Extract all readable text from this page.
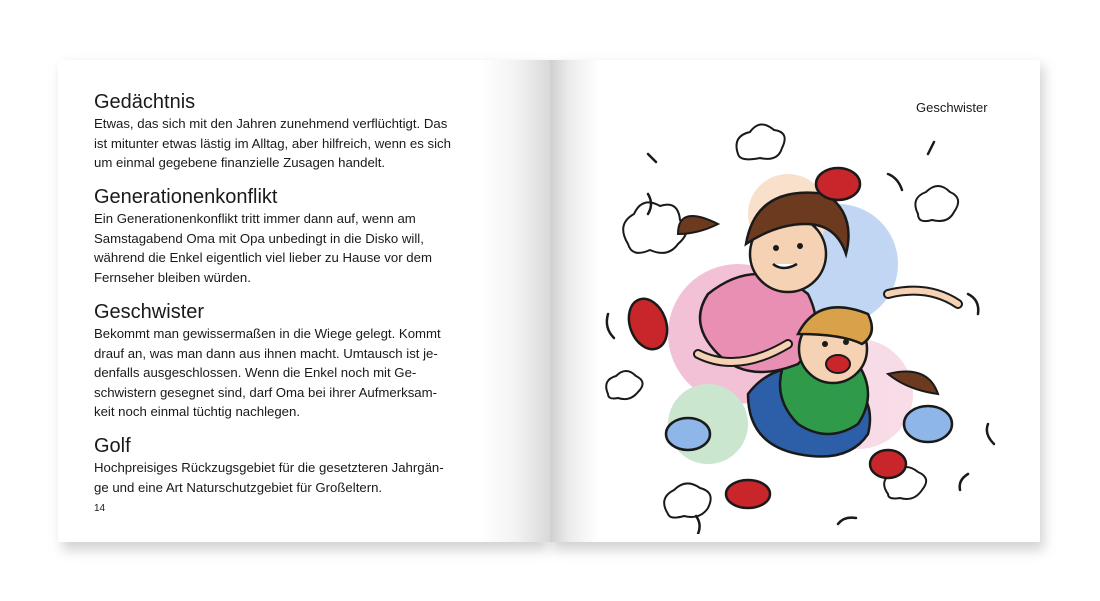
Gedächtnis

Etwas, das sich mit den Jahren zunehmend verflüchtigt. Das
ist mitunter etwas lästig im Alltag, aber hilfreich, wenn es sich
um einmal gegebene finanzielle Zusagen handelt.

Generationenkonflikt

Ein Generationenkonflikt tritt immer dann auf, wenn am
Samstagabend Oma mit Opa unbedingt in die Disko will,
während die Enkel eigentlich viel lieber zu Hause vor dem
Fernseher bleiben würden.

Geschwister

Bekommt man gewissermaßen in die Wiege gelegt. Kommt
drauf an, was man dann aus ihnen macht. Umtausch ist je-
denfalls ausgeschlossen. Wenn die Enkel noch mit Ge-
schwistern gesegnet sind, darf Oma bei ihrer Aufmerksam-
keit noch einmal tüchtig nachlegen.

Golf

Hochpreisiges Rückzugsgebiet für die gesetzteren Jahrgän-
ge und eine Art Naturschutzgebiet für Großeltern.

14
Geschwister
